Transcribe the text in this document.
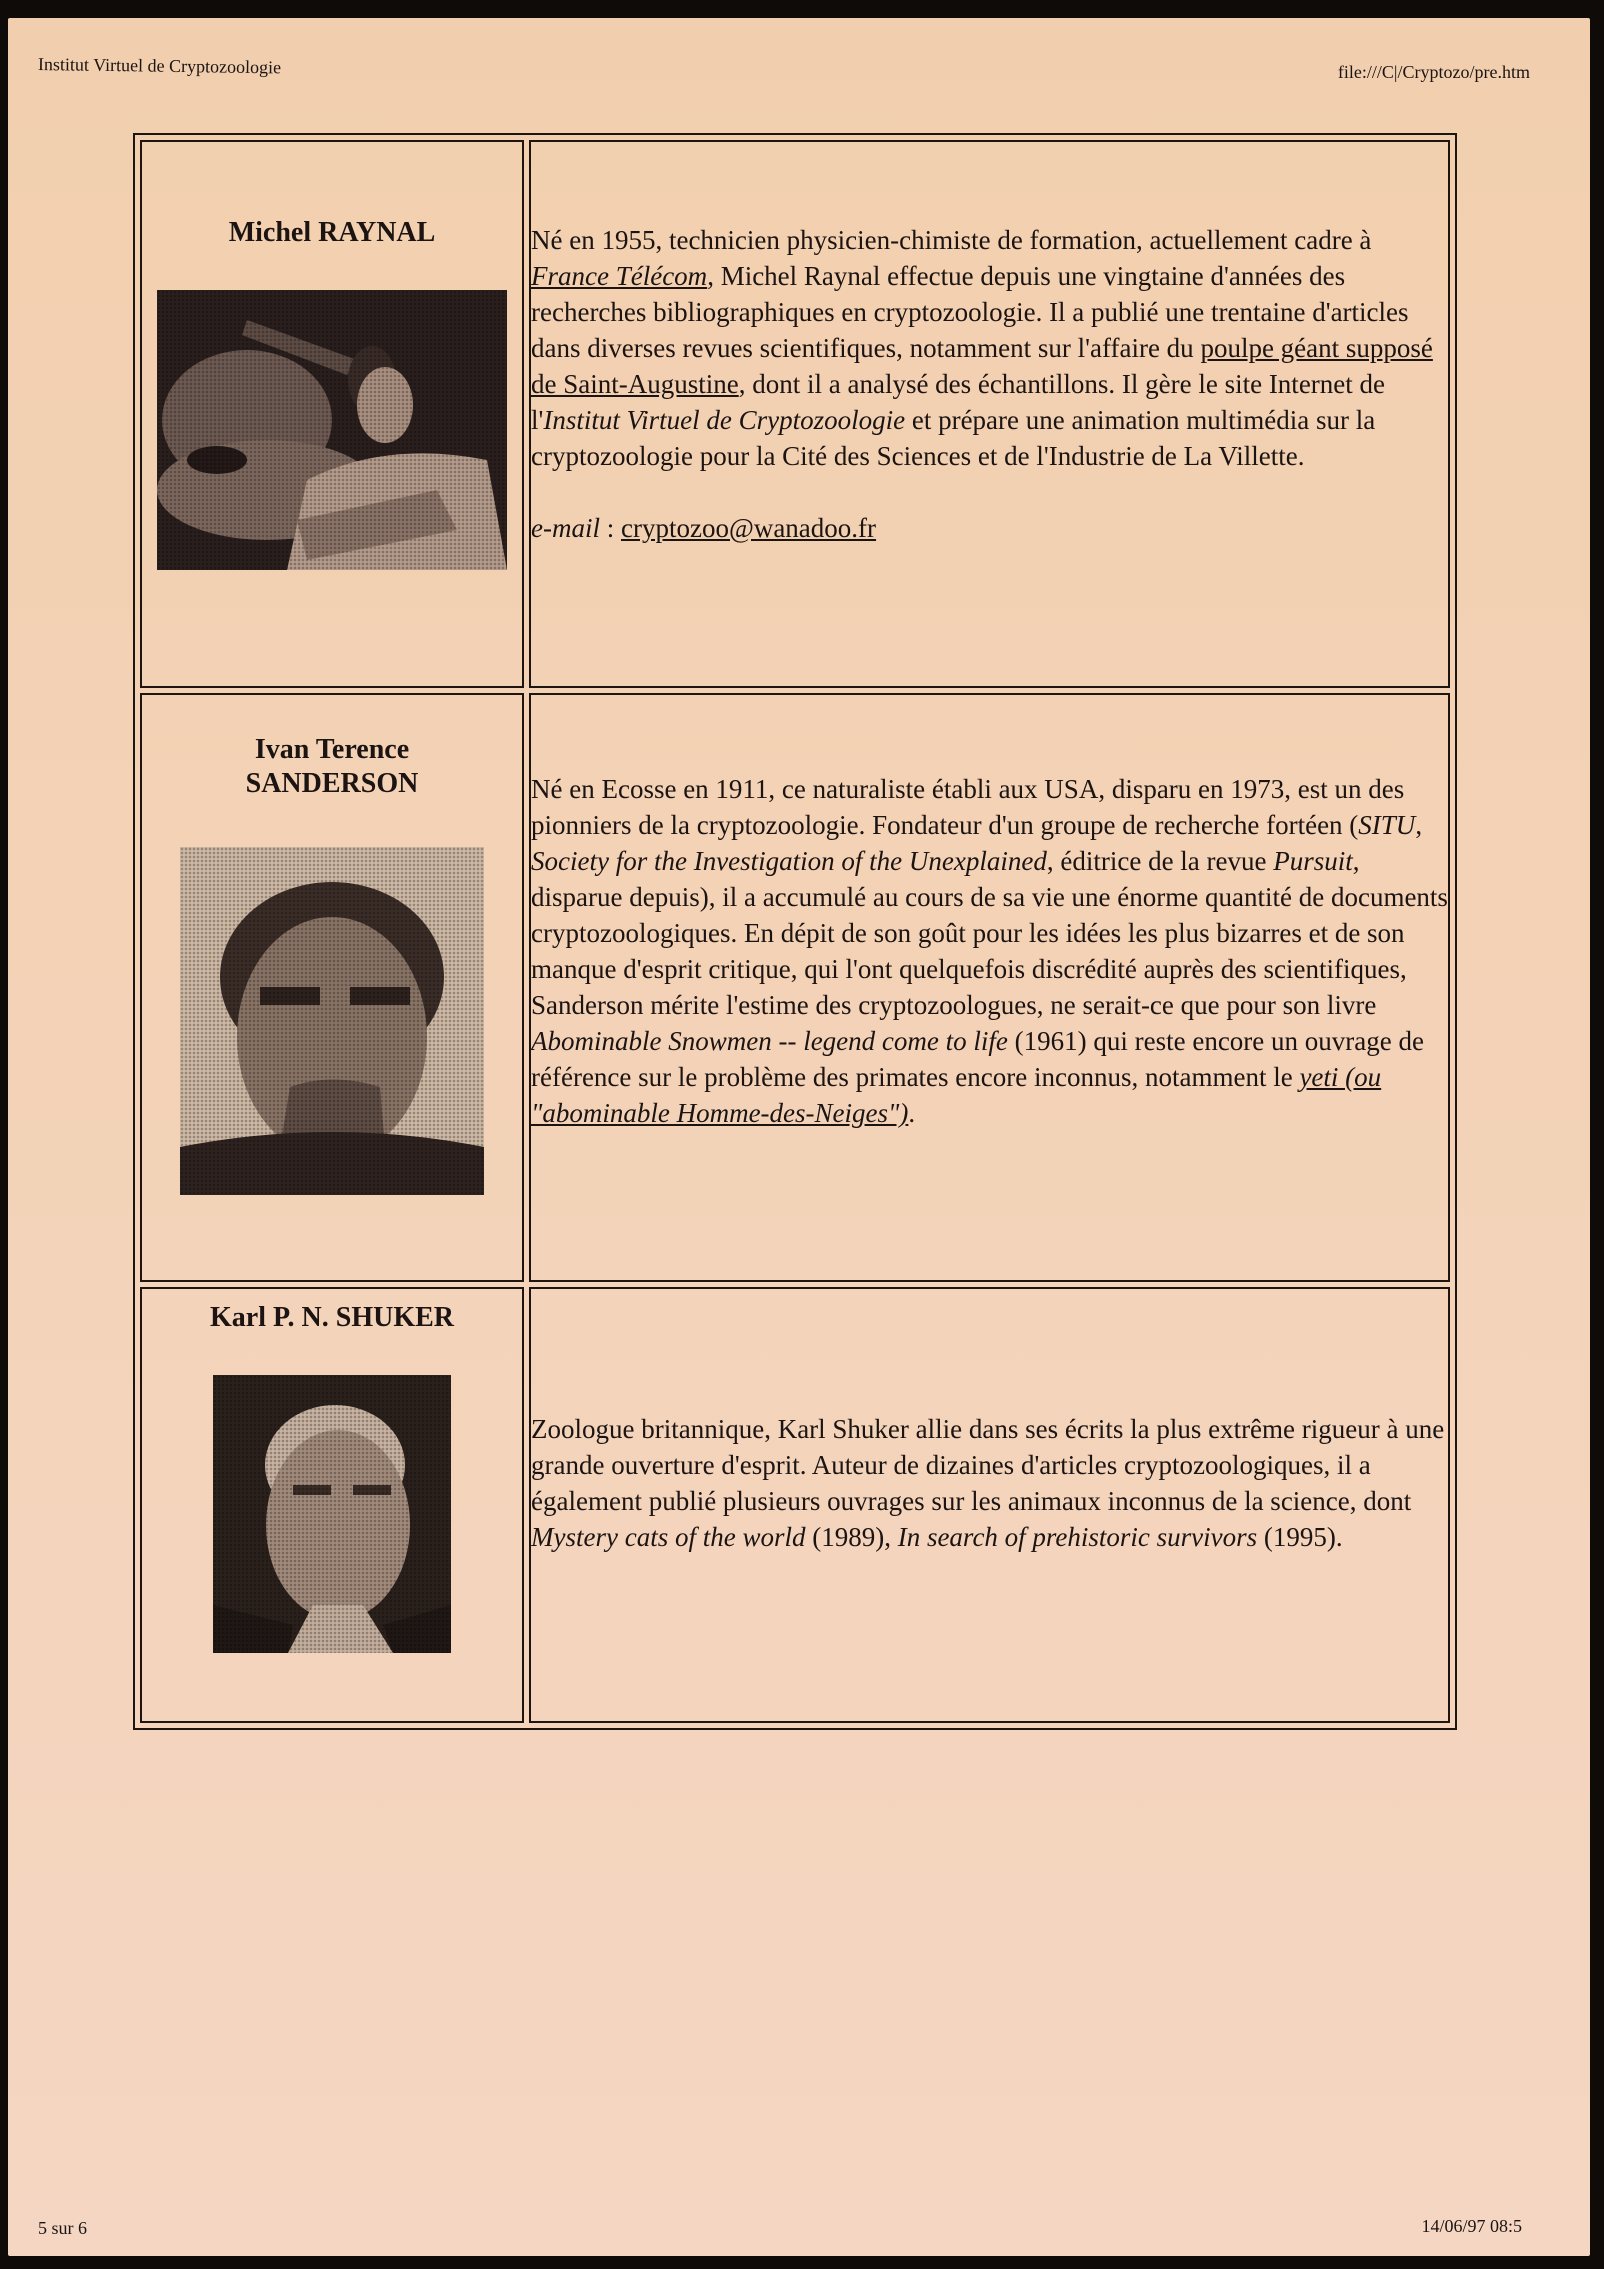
Institut Virtuel de Cryptozoologie	file:///C|/Cryptozo/pre.htm
5 sur 6	14/06/97 08:5
Michel RAYNAL	Né en 1955, technicien physicien-chimiste de formation, actuellement cadre à France Télécom, Michel Raynal effectue depuis une vingtaine d'années des recherches bibliographiques en cryptozoologie. Il a publié une trentaine d'articles dans diverses revues scientifiques, notamment sur l'affaire du poulpe géant supposé de Saint-Augustine, dont il a analysé des échantillons. Il gère le site Internet de l'Institut Virtuel de Cryptozoologie et prépare une animation multimédia sur la cryptozoologie pour la Cité des Sciences et de l'Industrie de La Villette.
e-mail : cryptozoo@wanadoo.fr

Ivan Terence
SANDERSON	Né en Ecosse en 1911, ce naturaliste établi aux USA, disparu en 1973, est un des pionniers de la cryptozoologie. Fondateur d'un groupe de recherche fortéen (SITU, Society for the Investigation of the Unexplained, éditrice de la revue Pursuit, disparue depuis), il a accumulé au cours de sa vie une énorme quantité de documents cryptozoologiques. En dépit de son goût pour les idées les plus bizarres et de son manque d'esprit critique, qui l'ont quelquefois discrédité auprès des scientifiques, Sanderson mérite l'estime des cryptozoologues, ne serait-ce que pour son livre Abominable Snowmen -- legend come to life (1961) qui reste encore un ouvrage de référence sur le problème des primates encore inconnus, notamment le yeti (ou "abominable Homme-des-Neiges").

Karl P. N. SHUKER	Zoologue britannique, Karl Shuker allie dans ses écrits la plus extrême rigueur à une grande ouverture d'esprit. Auteur de dizaines d'articles cryptozoologiques, il a également publié plusieurs ouvrages sur les animaux inconnus de la science, dont Mystery cats of the world (1989), In search of prehistoric survivors (1995).
